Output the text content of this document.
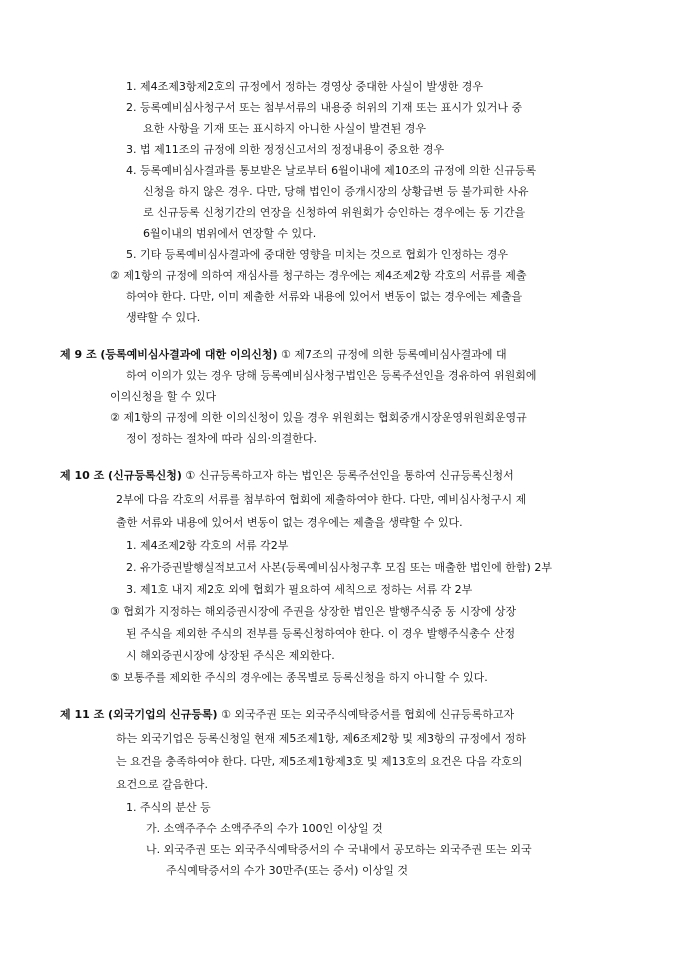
1. 제4조제3항제2호의 규정에서 정하는 경영상 중대한 사실이 발생한 경우
2. 등록예비심사청구서 또는 첨부서류의 내용중 허위의 기재 또는 표시가 있거나 중
요한 사항을 기재 또는 표시하지 아니한 사실이 발견된 경우
3. 법 제11조의 규정에 의한 정정신고서의 정정내용이 중요한 경우
4. 등록예비심사결과를 통보받은 날로부터 6월이내에 제10조의 규정에 의한 신규등록
신청을 하지 않은 경우. 다만, 당해 법인이 증개시장의 상황급변 등 불가피한 사유
로 신규등록 신청기간의 연장을 신청하여 위원회가 승인하는 경우에는 동 기간을
6월이내의 범위에서 연장할 수 있다.
5. 기타 등록예비심사결과에 중대한 영향을 미치는 것으로 협회가 인정하는 경우
② 제1항의 규정에 의하여 재심사를 청구하는 경우에는 제4조제2항 각호의 서류를 제출
하여야 한다. 다만, 이미 제출한 서류와 내용에 있어서 변동이 없는 경우에는 제출을
생략할 수 있다.
제 9 조 (등록예비심사결과에 대한 이의신청) ① 제7조의 규정에 의한 등록예비심사결과에 대
하여 이의가 있는 경우 당해 등록예비심사청구법인은 등록주선인을 경유하여 위원회에
이의신청을 할 수 있다
② 제1항의 규정에 의한 이의신청이 있을 경우 위원회는 협회중개시장운영위원회운영규
정이 정하는 절차에 따라 심의·의결한다.
제 10 조 (신규등록신청) ① 신규등록하고자 하는 법인은 등록주선인을 통하여 신규등록신청서
2부에 다음 각호의 서류를 첨부하여 협회에 제출하여야 한다. 다만, 예비심사청구시 제
출한 서류와 내용에 있어서 변동이 없는 경우에는 제출을 생략할 수 있다.
1. 제4조제2항 각호의 서류 각2부
2. 유가증권발행실적보고서 사본(등록예비심사청구후 모집 또는 매출한 법인에 한함) 2부
3. 제1호 내지 제2호 외에 협회가 필요하여 세칙으로 정하는 서류 각 2부
③ 협회가 지정하는 해외증권시장에 주권을 상장한 법인은 발행주식중 동 시장에 상장
된 주식을 제외한 주식의 전부를 등록신청하여야 한다. 이 경우 발행주식총수 산정
시 해외증권시장에 상장된 주식은 제외한다.
⑤ 보통주를 제외한 주식의 경우에는 종목별로 등록신청을 하지 아니할 수 있다.
제 11 조 (외국기업의 신규등록) ① 외국주권 또는 외국주식예탁증서를 협회에 신규등록하고자
하는 외국기업은 등록신청일 현재 제5조제1항, 제6조제2항 및 제3항의 규정에서 정하
는 요건을 충족하여야 한다. 다만, 제5조제1항제3호 및 제13호의 요건은 다음 각호의
요건으로 갈음한다.
1. 주식의 분산 등
가. 소액주주수 소액주주의 수가 100인 이상일 것
나. 외국주권 또는 외국주식예탁증서의 수 국내에서 공모하는 외국주권 또는 외국
주식예탁증서의 수가 30만주(또는 증서) 이상일 것
